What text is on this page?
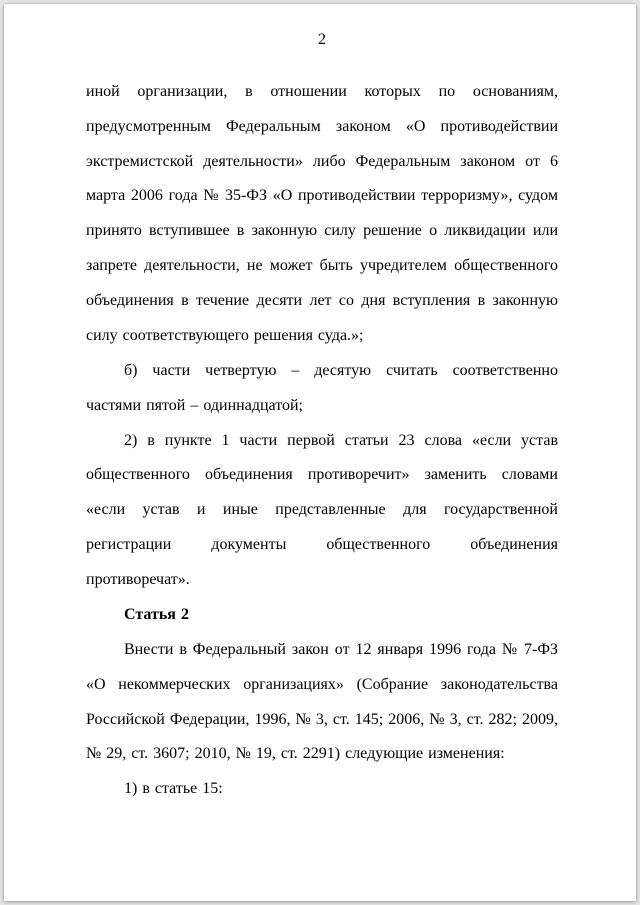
2

иной организации, в отношении которых по основаниям, предусмотренным Федеральным законом «О противодействии экстремистской деятельности» либо Федеральным законом от 6 марта 2006 года № 35-ФЗ «О противодействии терроризму», судом принято вступившее в законную силу решение о ликвидации или запрете деятельности, не может быть учредителем общественного объединения в течение десяти лет со дня вступления в законную силу соответствующего решения суда.»;

б) части четвертую – десятую считать соответственно частями пятой – одиннадцатой;

2) в пункте 1 части первой статьи 23 слова «если устав общественного объединения противоречит» заменить словами «если устав и иные представленные для государственной регистрации документы общественного объединения противоречат».

Статья 2

Внести в Федеральный закон от 12 января 1996 года № 7-ФЗ «О некоммерческих организациях» (Собрание законодательства Российской Федерации, 1996, № 3, ст. 145; 2006, № 3, ст. 282; 2009, № 29, ст. 3607; 2010, № 19, ст. 2291) следующие изменения:

1) в статье 15:
